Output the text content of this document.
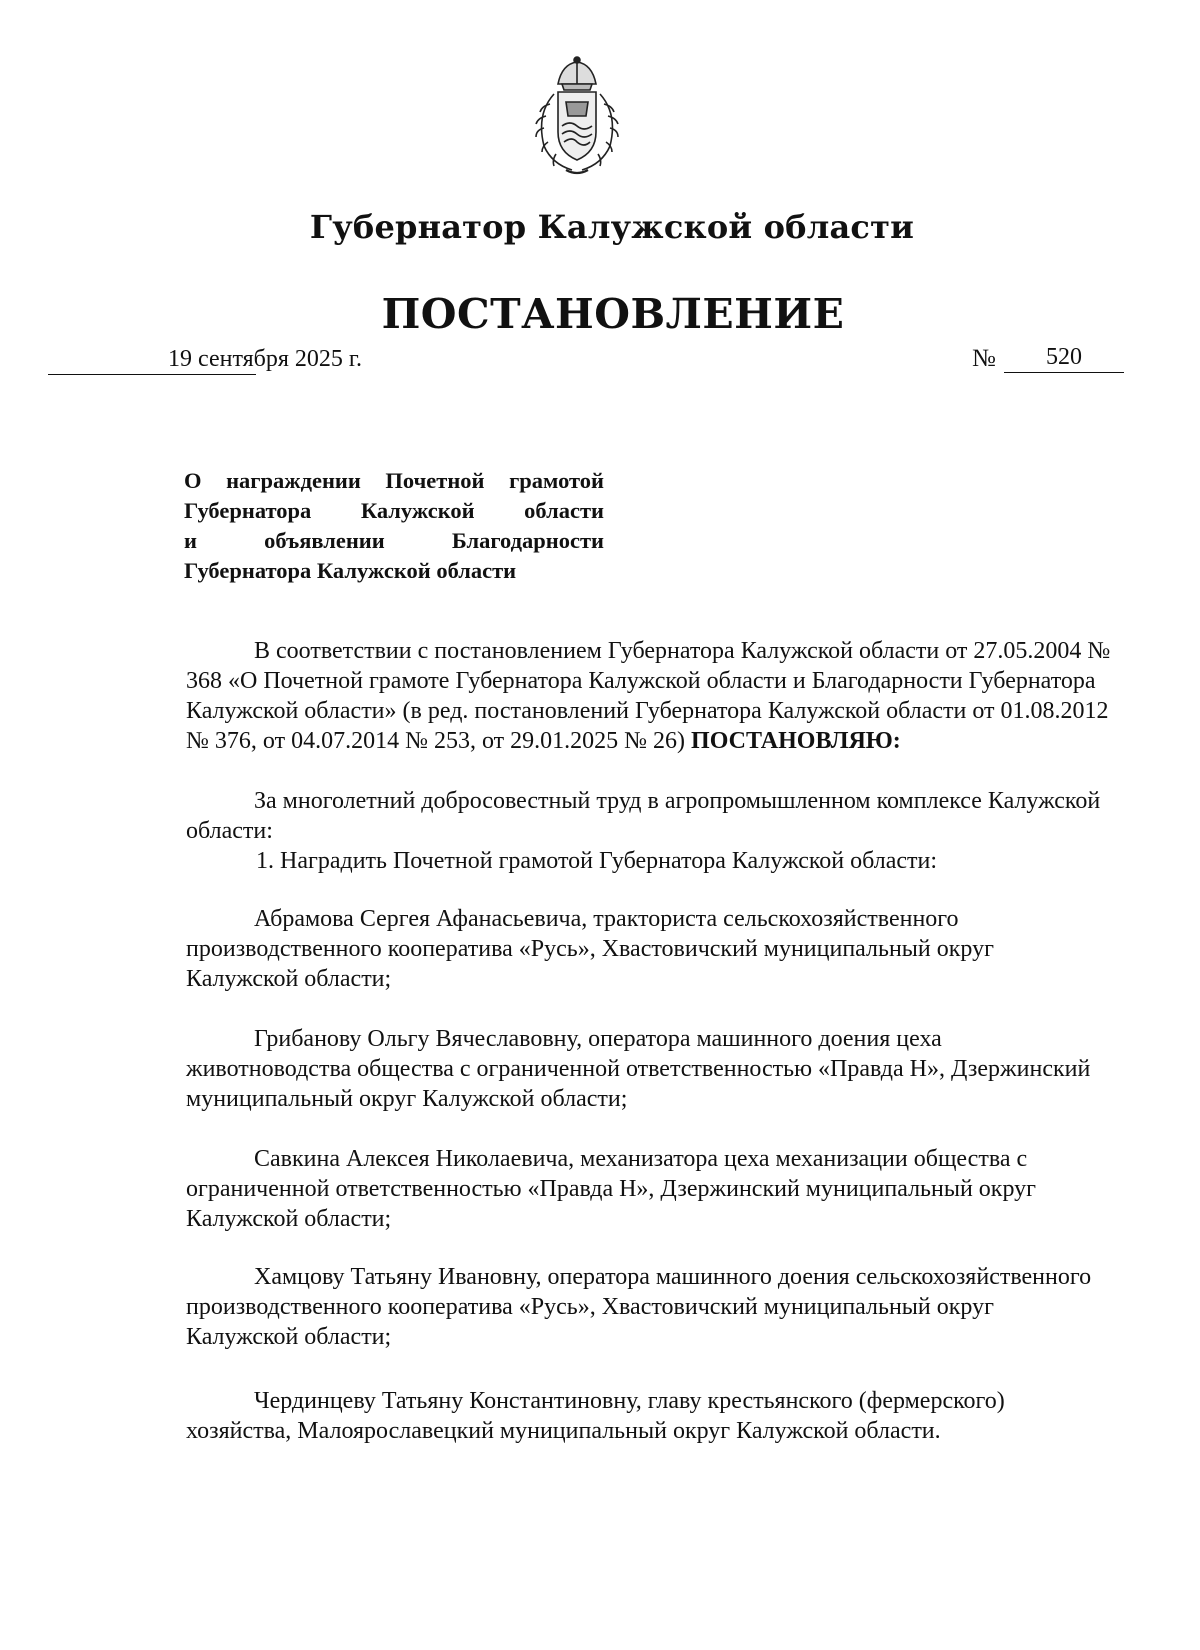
Губернатор Калужской области
ПОСТАНОВЛЕНИЕ
19 сентября 2025 г.	№	520
О награждении Почетной грамотой
Губернатора Калужской области
и объявлении Благодарности
Губернатора Калужской области
В соответствии с постановлением Губернатора Калужской области от 27.05.2004 № 368 «О Почетной грамоте Губернатора Калужской области и Благодарности Губернатора Калужской области» (в ред. постановлений Губернатора Калужской области от 01.08.2012 № 376, от 04.07.2014 № 253, от 29.01.2025 № 26) ПОСТАНОВЛЯЮ:
За многолетний добросовестный труд в агропромышленном комплексе Калужской области:
1. Наградить Почетной грамотой Губернатора Калужской области:
Абрамова Сергея Афанасьевича, тракториста сельскохозяйственного производственного кооператива «Русь», Хвастовичский муниципальный округ Калужской области;
Грибанову Ольгу Вячеславовну, оператора машинного доения цеха животноводства общества с ограниченной ответственностью «Правда Н», Дзержинский муниципальный округ Калужской области;
Савкина Алексея Николаевича, механизатора цеха механизации общества с ограниченной ответственностью «Правда Н», Дзержинский муниципальный округ Калужской области;
Хамцову Татьяну Ивановну, оператора машинного доения сельскохозяйственного производственного кооператива «Русь», Хвастовичский муниципальный округ Калужской области;
Чердинцеву Татьяну Константиновну, главу крестьянского (фермерского) хозяйства, Малоярославецкий муниципальный округ Калужской области.
